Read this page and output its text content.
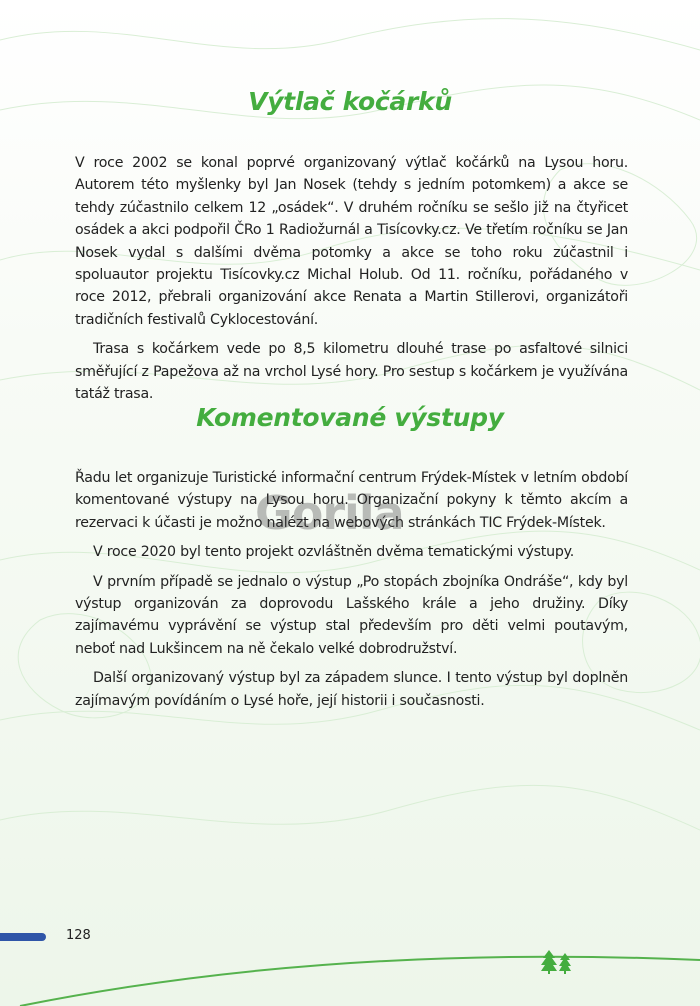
Výtlač kočárků

V roce 2002 se konal poprvé organizovaný výtlač kočárků na Lysou horu. Autorem této myšlenky byl Jan Nosek (tehdy s jedním potomkem) a akce se tehdy zúčastnilo celkem 12 „osádek“. V druhém ročníku se sešlo již na čtyřicet osádek a akci podpořil ČRo 1 Radiožurnál a Tisícovky.cz. Ve třetím ročníku se Jan Nosek vydal s dalšími dvěma potomky a akce se toho roku zúčastnil i spoluautor projektu Tisícovky.cz Michal Holub. Od 11. ročníku, pořádaného v roce 2012, přebrali organizování akce Renata a Martin Stillerovi, organizátoři tradičních festivalů Cyklocestování.

Trasa s kočárkem vede po 8,5 kilometru dlouhé trase po asfaltové silnici směřující z Papežova až na vrchol Lysé hory. Pro sestup s kočárkem je využívána tatáž trasa.

Komentované výstupy

Řadu let organizuje Turistické informační centrum Frýdek-Místek v letním období komentované výstupy na Lysou horu. Organizační pokyny k těmto akcím a rezervaci k účasti je možno nalézt na webových stránkách TIC Frýdek-Místek.

V roce 2020 byl tento projekt ozvláštněn dvěma tematickými výstupy.

V prvním případě se jednalo o výstup „Po stopách zbojníka Ondráše“, kdy byl výstup organizován za doprovodu Lašského krále a jeho družiny. Díky zajímavému vyprávění se výstup stal především pro děti velmi poutavým, neboť nad Lukšincem na ně čekalo velké dobrodružství.

Další organizovaný výstup byl za západem slunce. I tento výstup byl doplněn zajímavým povídáním o Lysé hoře, její historii i současnosti.

Gorila
128
